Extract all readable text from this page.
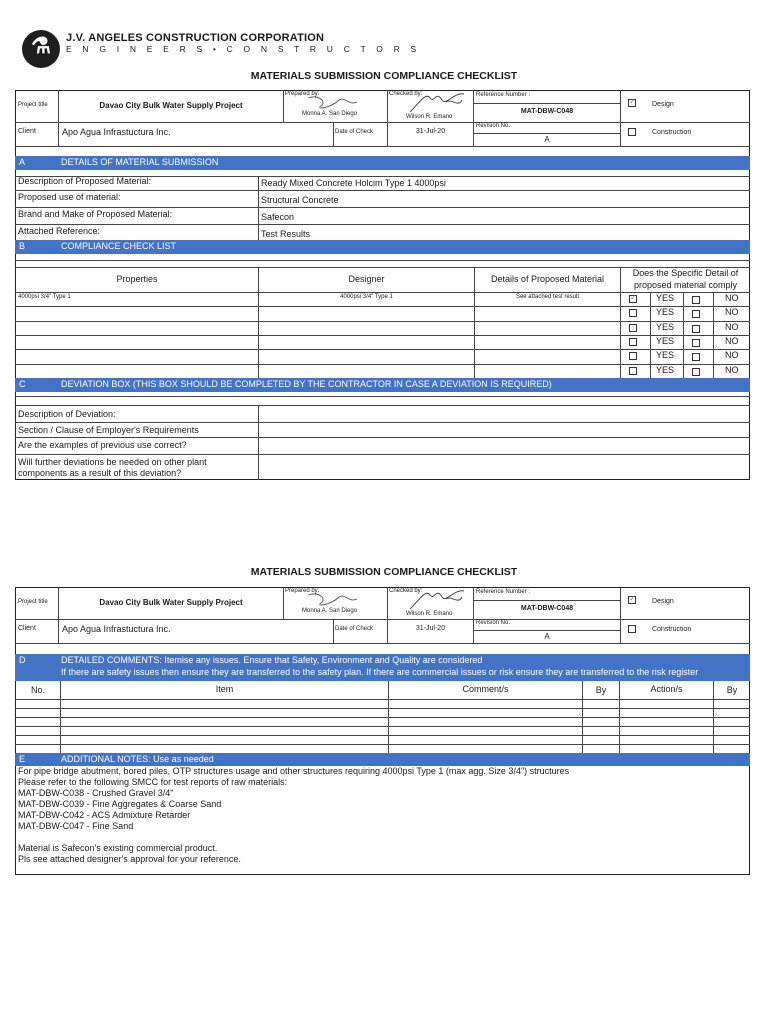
⚗	J.V. ANGELES CONSTRUCTION CORPORATION
E N G I N E E R S • C O N S T R U C T O R S
MATERIALS SUBMISSION COMPLIANCE CHECKLIST
Project title	Davao City Bulk Water Supply Project
Prepared by:
Monna A. San Diego
Checked by:
Wilson R. Emano
Reference Number :
MAT-DBW-C048
✓
Design
Client	Apo Agua Infrastuctura Inc.	Date of Check	31-Jul-20
Revision No.
A
Construction
A	DETAILS OF MATERIAL SUBMISSION
Description of Proposed Material:	Ready Mixed Concrete Holcim Type 1 4000psi
Proposed use of material:	Structural Concrete
Brand and Make of Proposed Material:	Safecon
Attached Reference:	Test Results
B	COMPLIANCE CHECK LIST
Properties	Designer	Details of Proposed Material
Does the Specific Detail of
proposed material comply
4000psi 3/4" Type 1	4000psi 3/4" Type 1	See attached test result
✓	YES	NO
YES	NO
YES	NO
YES	NO
YES	NO
YES	NO
C	DEVIATION BOX (THIS BOX SHOULD BE COMPLETED BY THE CONTRACTOR IN CASE A DEVIATION IS REQUIRED)
Description of Deviation:
Section / Clause of Employer's Requirements
Are the examples of previous use correct?
Will further deviations be needed on other plant
components as a result of this deviation?
MATERIALS SUBMISSION COMPLIANCE CHECKLIST
Project title	Davao City Bulk Water Supply Project
Prepared by:
Monna A. San Diego
Checked by:
Wilson R. Emano
Reference Number :
MAT-DBW-C048
✓
Design
Client	Apo Agua Infrastuctura Inc.	Date of Check	31-Jul-20
Revision No.
A
Construction
D	DETAILED COMMENTS: Itemise any issues. Ensure that Safety, Environment and Quality are considered
If there are safety issues then ensure they are transferred to the safety plan. If there are commercial issues or risk ensure they are transferred to the risk register
No.	Item	Comment/s	By	Action/s	By
E	ADDITIONAL NOTES: Use as needed
For pipe bridge abutment, bored piles, OTP structures usage and other structures requiring 4000psi Type 1 (max agg. Size 3/4") structures
Please refer to the following SMCC for test reports of raw materials:
MAT-DBW-C038 - Crushed Gravel 3/4"
MAT-DBW-C039 - Fine Aggregates & Coarse Sand
MAT-DBW-C042 - ACS Admixture Retarder
MAT-DBW-C047 - Fine Sand
Material is Safecon's existing commercial product.
Pls see attached designer's approval for your reference.
